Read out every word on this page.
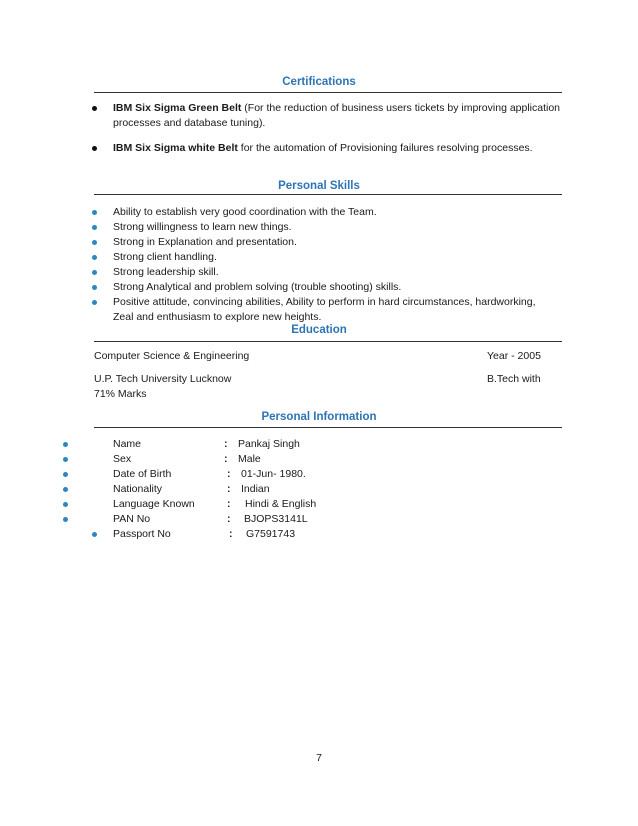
Certifications
IBM Six Sigma Green Belt (For the reduction of business users tickets by improving application
processes and database tuning).
IBM Six Sigma white Belt for the automation of Provisioning failures resolving processes.
Personal Skills
Ability to establish very good coordination with the Team.
Strong willingness to learn new things.
Strong in Explanation and presentation.
Strong client handling.
Strong leadership skill.
Strong Analytical and problem solving (trouble shooting) skills.
Positive attitude, convincing abilities, Ability to perform in hard circumstances, hardworking,
Zeal and enthusiasm to explore new heights.
Education
Computer Science & Engineering	Year - 2005
U.P. Tech University Lucknow	B.Tech with
71% Marks
Personal Information
Name	: Pankaj Singh
Sex	: Male
Date of Birth	: 01-Jun- 1980.
Nationality	: Indian
Language Known	: Hindi & English
PAN No	: BJOPS3141L
Passport No	: G7591743
7
